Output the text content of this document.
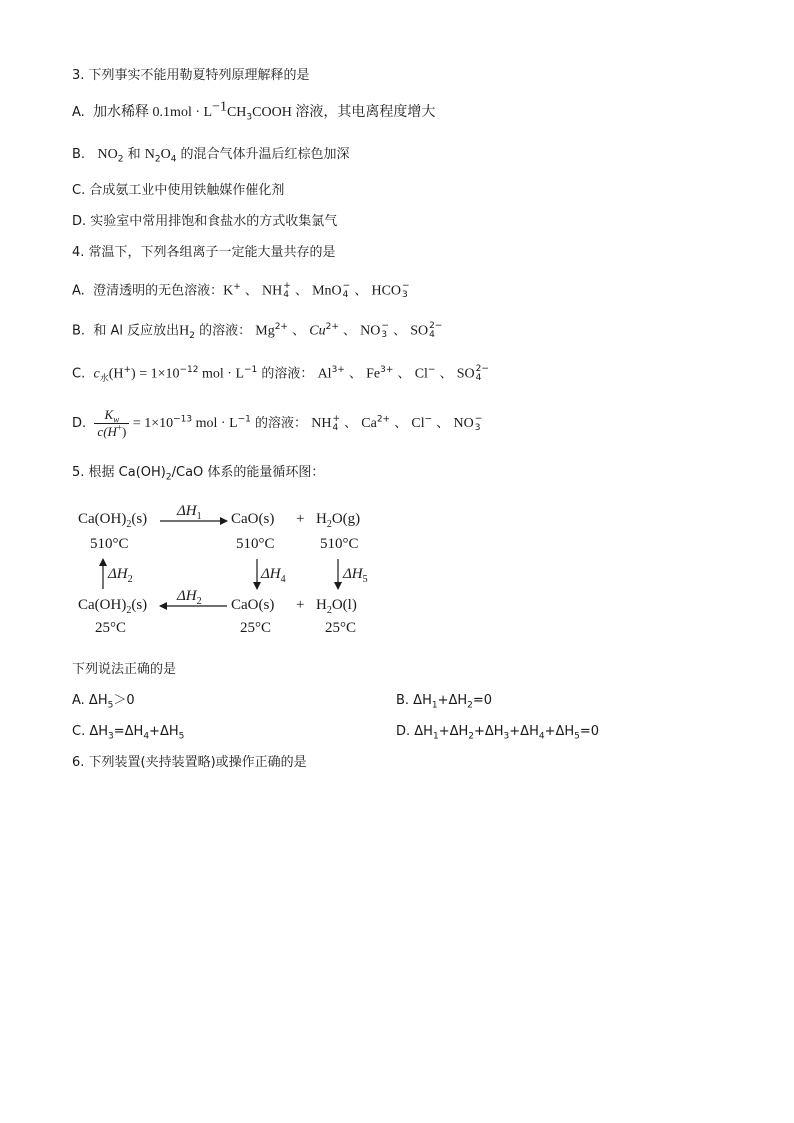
3. 下列事实不能用勒夏特列原理解释的是
A. 加水稀释 $0.1mol \cdot L^{-1}CH_3COOH$ 溶液，其电离程度增大
B. $NO_2$ 和 $N_2O_4$ 的混合气体升温后红棕色加深
C. 合成氨工业中使用铁触媒作催化剂
D. 实验室中常用排饱和食盐水的方式收集氯气
4. 常温下，下列各组离子一定能大量共存的是
A. 澄清透明的无色溶液：K+ 、 NH +
4 、 MnO −
4 、 HCO −
3
B. 和 Al 反应放出$H_2$ 的溶液： $Mg^{2+}$ 、 $Cu^{2+}$ 、 NO −
3 、 SO 2−
4
C. $c_水(H^+) = 1\times 10^{-12}$ mol · $L^{-1}$ 的溶液： $Al^{3+}$ 、 $Fe^{3+}$ 、 Cl− 、 SO 2−
4
D. $\frac{K_w}{c(H^+)} = 1\times 10^{-13}$ mol · $L^{-1}$ 的溶液： NH +
4 、 $Ca^{2+}$ 、 Cl− 、 NO −
3
5. 根据 $Ca(OH)_2$/CaO 体系的能量循环图：
$Ca(OH)_2(s)$	$CaO(s) + H_2O(g)$
510°C	510°C	510°C
$\Delta H_1$
$\Delta H_2$	$\Delta H_4$	$\Delta H_5$
$\Delta H_2$
$Ca(OH)_2(s)$	$CaO(s) + H_2O(l)$
25°C	25°C	25°C
下列说法正确的是
A. $\Delta H_5>0$	B. $\Delta H_1+\Delta H_2=0$
C. $\Delta H_3=\Delta H_4+\Delta H_5$	D. $\Delta H_1+\Delta H_2+\Delta H_3+\Delta H_4+\Delta H_5=0$
6. 下列装置(夹持装置略)或操作正确的是
